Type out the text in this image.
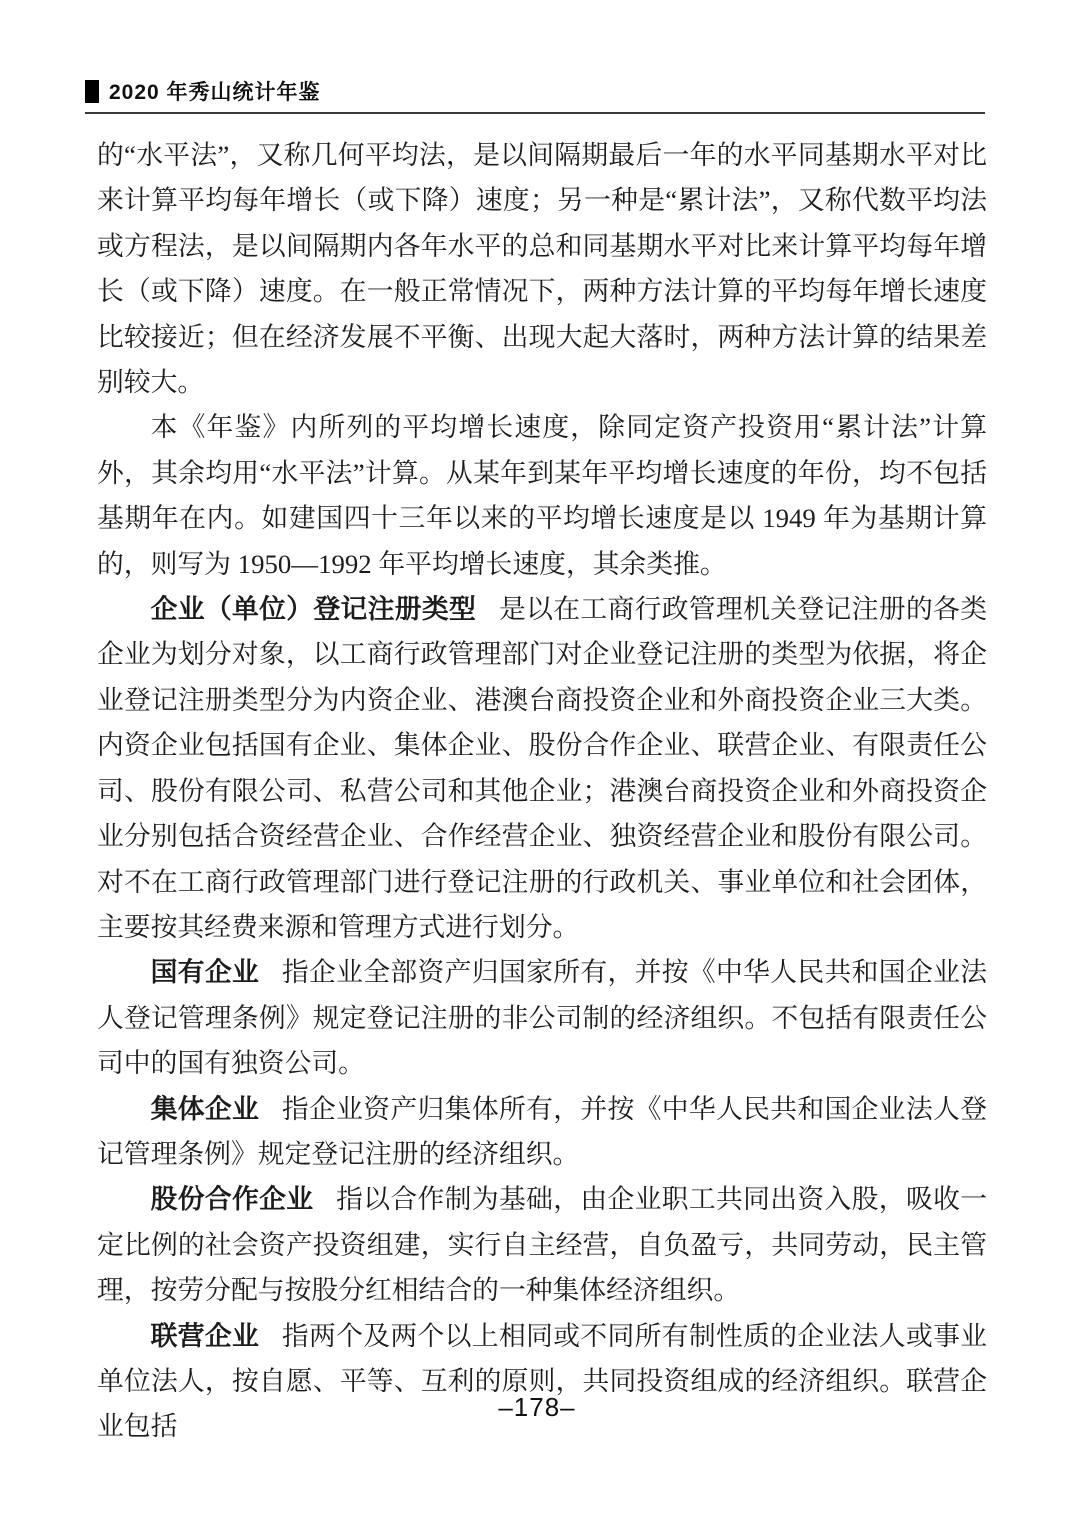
2020 年秀山统计年鉴

的“水平法”，又称几何平均法，是以间隔期最后一年的水平同基期水平对比来计算平均每年增长（或下降）速度；另一种是“累计法”，又称代数平均法或方程法，是以间隔期内各年水平的总和同基期水平对比来计算平均每年增长（或下降）速度。在一般正常情况下，两种方法计算的平均每年增长速度比较接近；但在经济发展不平衡、出现大起大落时，两种方法计算的结果差别较大。

本《年鉴》内所列的平均增长速度，除同定资产投资用“累计法”计算外，其余均用“水平法”计算。从某年到某年平均增长速度的年份，均不包括基期年在内。如建国四十三年以来的平均增长速度是以 1949 年为基期计算的，则写为 1950—1992 年平均增长速度，其余类推。

企业（单位）登记注册类型 是以在工商行政管理机关登记注册的各类企业为划分对象，以工商行政管理部门对企业登记注册的类型为依据，将企业登记注册类型分为内资企业、港澳台商投资企业和外商投资企业三大类。内资企业包括国有企业、集体企业、股份合作企业、联营企业、有限责任公司、股份有限公司、私营公司和其他企业；港澳台商投资企业和外商投资企业分别包括合资经营企业、合作经营企业、独资经营企业和股份有限公司。对不在工商行政管理部门进行登记注册的行政机关、事业单位和社会团体，主要按其经费来源和管理方式进行划分。

国有企业 指企业全部资产归国家所有，并按《中华人民共和国企业法人登记管理条例》规定登记注册的非公司制的经济组织。不包括有限责任公司中的国有独资公司。

集体企业 指企业资产归集体所有，并按《中华人民共和国企业法人登记管理条例》规定登记注册的经济组织。

股份合作企业 指以合作制为基础，由企业职工共同出资入股，吸收一定比例的社会资产投资组建，实行自主经营，自负盈亏，共同劳动，民主管理，按劳分配与按股分红相结合的一种集体经济组织。

联营企业 指两个及两个以上相同或不同所有制性质的企业法人或事业单位法人，按自愿、平等、互利的原则，共同投资组成的经济组织。联营企业包括

–178–
